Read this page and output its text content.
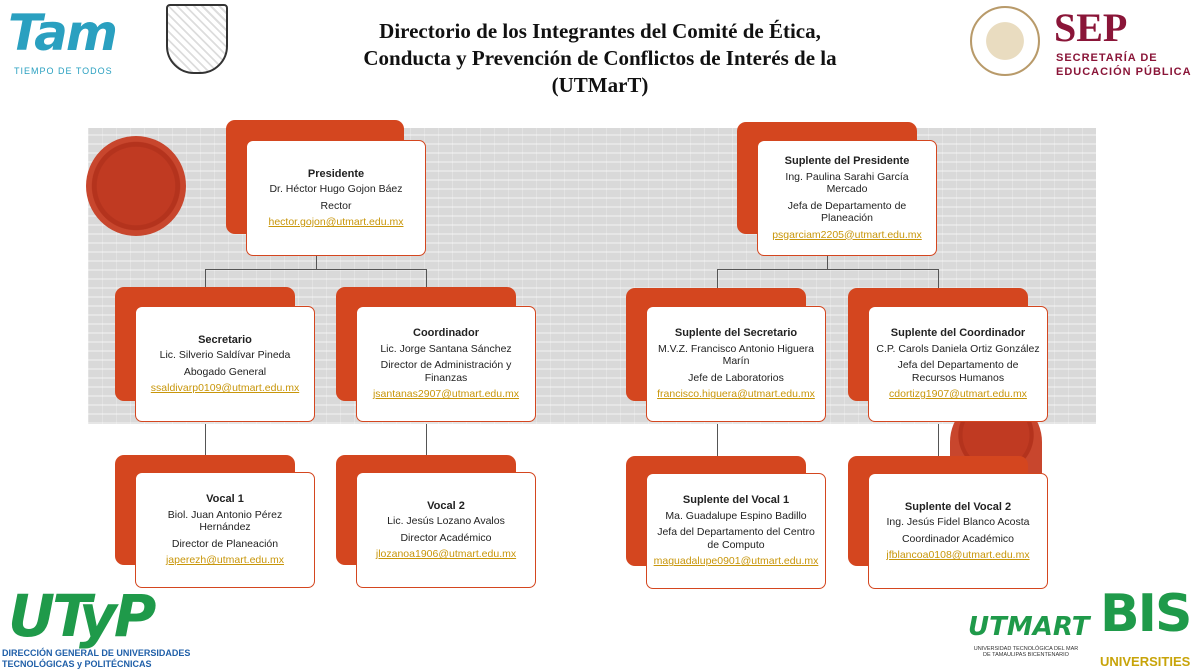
Tam
TIEMPO DE TODOS
Directorio de los Integrantes del Comité de Ética,
Conducta y Prevención de Conflictos de Interés de la
(UTMarT)
SEP
SECRETARÍA DE
EDUCACIÓN PÚBLICA
Presidente
Dr. Héctor Hugo Gojon Báez
Rector
hector.gojon@utmart.edu.mx
Secretario
Lic. Silverio Saldívar Pineda
Abogado General
ssaldivarp0109@utmart.edu.mx
Coordinador
Lic. Jorge Santana Sánchez
Director de Administración y Finanzas
jsantanas2907@utmart.edu.mx
Vocal 1
Biol. Juan Antonio Pérez Hernández
Director de Planeación
japerezh@utmart.edu.mx
Vocal 2
Lic. Jesús Lozano Avalos
Director Académico
jlozanoa1906@utmart.edu.mx
Suplente del Presidente
Ing. Paulina Sarahi García Mercado
Jefa de Departamento de Planeación
psgarciam2205@utmart.edu.mx
Suplente del Secretario
M.V.Z. Francisco Antonio Higuera Marín
Jefe de Laboratorios
francisco.higuera@utmart.edu.mx
Suplente del Coordinador
C.P. Carols Daniela Ortiz González
Jefa del Departamento de Recursos Humanos
cdortizg1907@utmart.edu.mx
Suplente del Vocal 1
Ma. Guadalupe Espino Badillo
Jefa del Departamento del Centro de Computo
maguadalupe0901@utmart.edu.mx
Suplente del Vocal 2
Ing. Jesús Fidel Blanco Acosta
Coordinador Académico
jfblancoa0108@utmart.edu.mx
UTyP
DIRECCIÓN GENERAL DE UNIVERSIDADES
TECNOLÓGICAS y POLITÉCNICAS
UTMART
UNIVERSIDAD TECNOLÓGICA DEL MAR DE TAMAULIPAS BICENTENARIO
BIS
UNIVERSITIES
